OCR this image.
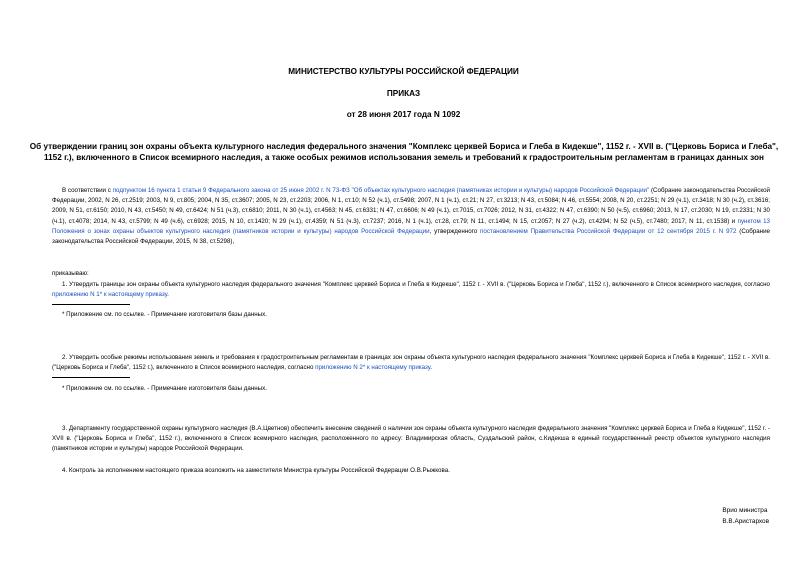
МИНИСТЕРСТВО КУЛЬТУРЫ РОССИЙСКОЙ ФЕДЕРАЦИИ
ПРИКАЗ
от 28 июня 2017 года N 1092
Об утверждении границ зон охраны объекта культурного наследия федерального значения "Комплекс церквей Бориса и Глеба в Кидекше", 1152 г. - XVII в. ("Церковь Бориса и Глеба", 1152 г.), включенного в Список всемирного наследия, а также особых режимов использования земель и требований к градостроительным регламентам в границах данных зон

В соответствии с подпунктом 16 пункта 1 статьи 9 Федерального закона от 25 июня 2002 г. N 73-ФЗ "Об объектах культурного наследия (памятниках истории и культуры) народов Российской Федерации" (Собрание законодательства Российской Федерации, 2002, N 26, ст.2519; 2003, N 9, ст.805; 2004, N 35, ст.3607; 2005, N 23, ст.2203; 2006, N 1, ст.10; N 52 (ч.1), ст.5498; 2007, N 1 (ч.1), ст.21; N 27, ст.3213; N 43, ст.5084; N 46, ст.5554; 2008, N 20, ст.2251; N 29 (ч.1), ст.3418; N 30 (ч.2), ст.3616; 2009, N 51, ст.6150; 2010, N 43, ст.5450; N 49, ст.6424; N 51 (ч.3), ст.6810; 2011, N 30 (ч.1), ст.4563; N 45, ст.6331; N 47, ст.6606; N 49 (ч.1), ст.7015, ст.7026; 2012, N 31, ст.4322; N 47, ст.6390; N 50 (ч.5), ст.6960; 2013, N 17, ст.2030; N 19, ст.2331; N 30 (ч.1), ст.4078; 2014, N 43, ст.5799; N 49 (ч.6), ст.6928; 2015, N 10, ст.1420; N 29 (ч.1), ст.4359; N 51 (ч.3), ст.7237; 2016, N 1 (ч.1), ст.28, ст.79; N 11, ст.1494; N 15, ст.2057; N 27 (ч.2), ст.4294; N 52 (ч.5), ст.7480; 2017, N 11, ст.1538) и пунктом 13 Положения о зонах охраны объектов культурного наследия (памятников истории и культуры) народов Российской Федерации, утвержденного постановлением Правительства Российской Федерации от 12 сентября 2015 г. N 972 (Собрание законодательства Российской Федерации, 2015, N 38, ст.5298),

приказываю:

1. Утвердить границы зон охраны объекта культурного наследия федерального значения "Комплекс церквей Бориса и Глеба в Кидекше", 1152 г. - XVII в. ("Церковь Бориса и Глеба", 1152 г.), включенного в Список всемирного наследия, согласно приложению N 1* к настоящему приказу.

* Приложение см. по ссылке. - Примечание изготовителя базы данных.

2. Утвердить особые режимы использования земель и требования к градостроительным регламентам в границах зон охраны объекта культурного наследия федерального значения "Комплекс церквей Бориса и Глеба в Кидекше", 1152 г. - XVII в. ("Церковь Бориса и Глеба", 1152 г.), включенного в Список всемирного наследия, согласно приложению N 2* к настоящему приказу.

* Приложение см. по ссылке. - Примечание изготовителя базы данных.

3. Департаменту государственной охраны культурного наследия (В.А.Цветнов) обеспечить внесение сведений о наличии зон охраны объекта культурного наследия федерального значения "Комплекс церквей Бориса и Глеба в Кидекше", 1152 г. - XVII в. ("Церковь Бориса и Глеба", 1152 г.), включенного в Список всемирного наследия, расположенного по адресу: Владимирская область, Суздальский район, с.Кидекша в единый государственный реестр объектов культурного наследия (памятников истории и культуры) народов Российской Федерации.

4. Контроль за исполнением настоящего приказа возложить на заместителя Министра культуры Российской Федерации О.В.Рыжкова.

Врио министра
В.В.Аристархов
